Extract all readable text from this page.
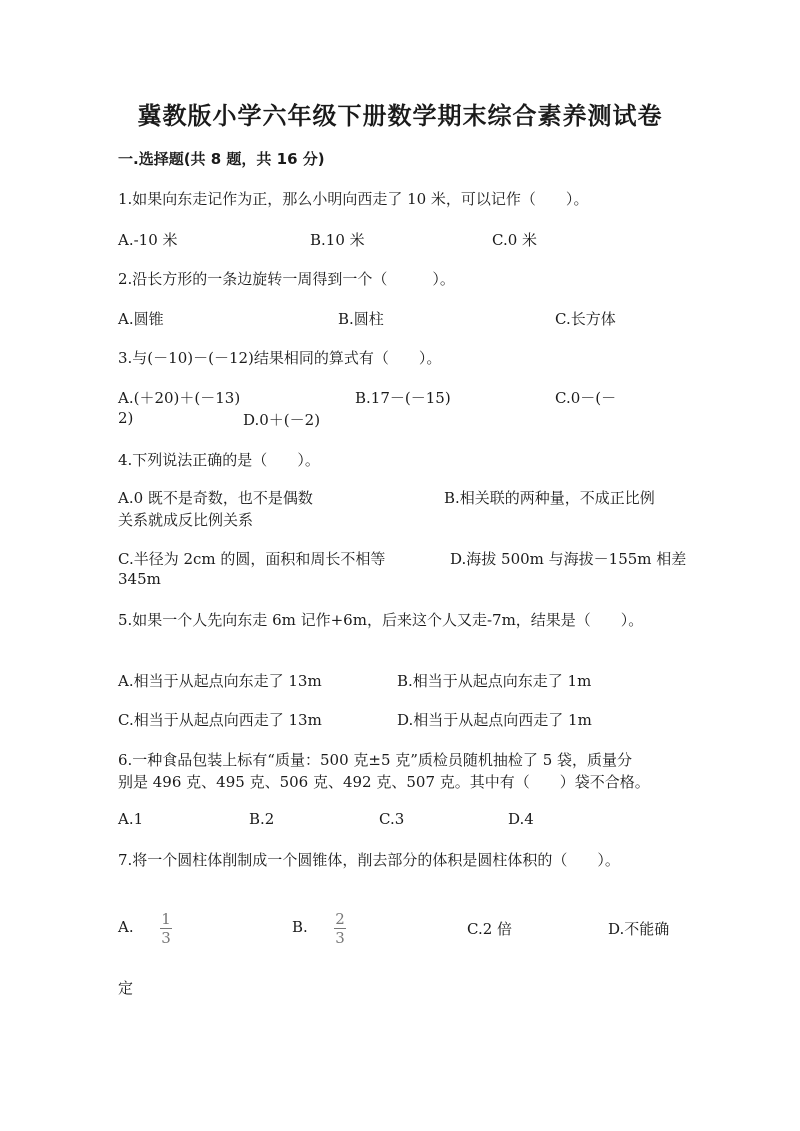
冀教版小学六年级下册数学期末综合素养测试卷
一.选择题(共 8 题，共 16 分)
1.如果向东走记作为正，那么小明向西走了 10 米，可以记作（　　）。
A.-10 米	B.10 米	C.0 米
2.沿长方形的一条边旋转一周得到一个（　　　）。
A.圆锥	B.圆柱	C.长方体
3.与(－10)－(－12)结果相同的算式有（　　）。
A.(＋20)＋(－13)	B.17－(－15)	C.0－(－
2)	D.0＋(－2)
4.下列说法正确的是（　　）。
A.0 既不是奇数，也不是偶数	B.相关联的两种量，不成正比例
关系就成反比例关系
C.半径为 2cm 的圆，面积和周长不相等	D.海拔 500m 与海拔－155m 相差
345m
5.如果一个人先向东走 6m 记作+6m，后来这个人又走-7m，结果是（　　）。
A.相当于从起点向东走了 13m	B.相当于从起点向东走了 1m
C.相当于从起点向西走了 13m	D.相当于从起点向西走了 1m
6.一种食品包装上标有“质量：500 克±5 克”质检员随机抽检了 5 袋，质量分
别是 496 克、495 克、506 克、492 克、507 克。其中有（　　）袋不合格。
A.1	B.2	C.3	D.4
7.将一个圆柱体削制成一个圆锥体，削去部分的体积是圆柱体积的（　　）。
A. 1
3
B. 2
3	C.2 倍	D.不能确
定
